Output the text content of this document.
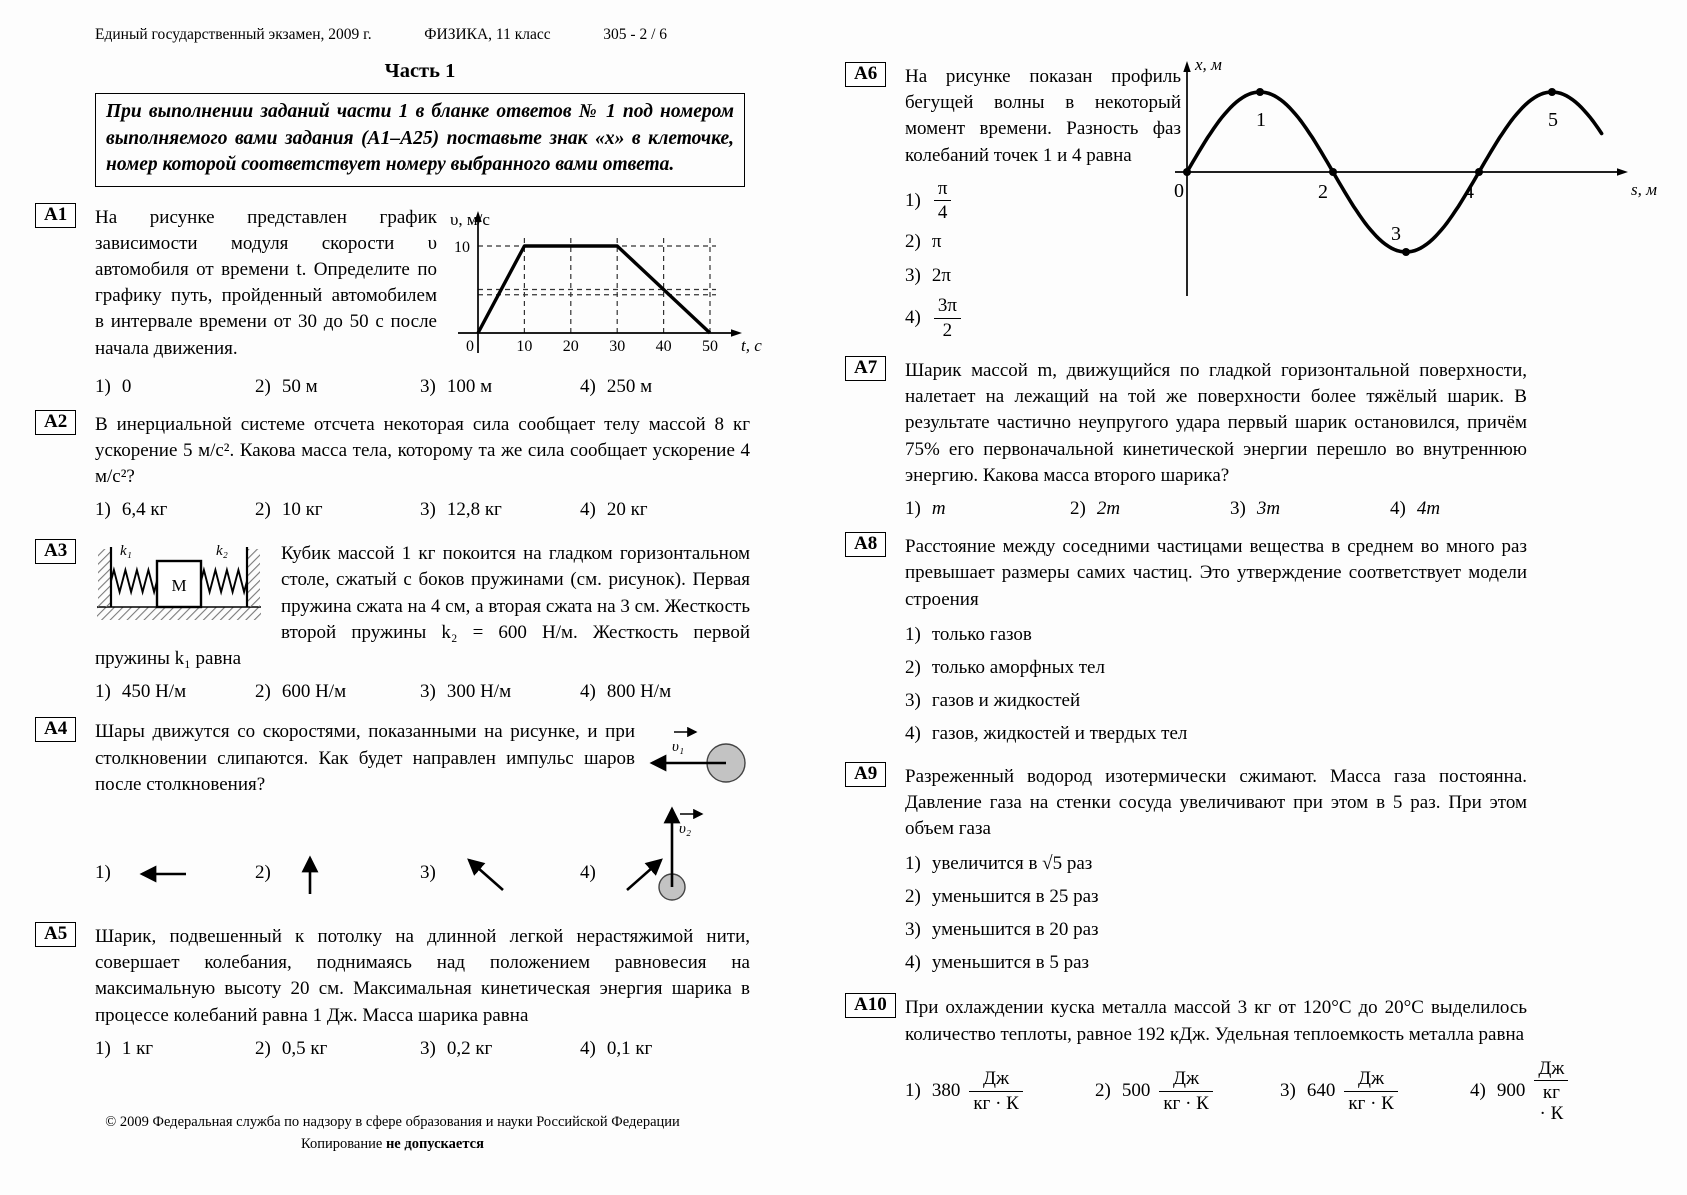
Единый государственный экзамен, 2009 г.	ФИЗИКА, 11 класс	305 - 2 / 6
Часть 1
При выполнении заданий части 1 в бланке ответов № 1 под номером выполняемого вами задания (А1–А25) поставьте знак «х» в клеточке, номер которой соответствует номеру выбранного вами ответа.
А1	На рисунке представлен график зависимости модуля скорости υ автомобиля от времени t. Определите по графику путь, пройденный автомобилем в интервале времени от 30 до 50 с после начала движения.

10
0	10 20 30 40 50
υ, м/с
t, с
1) 0	2) 50 м	3) 100 м	4) 250 м
А2	В инерциальной системе отсчета некоторая сила сообщает телу массой 8 кг ускорение 5 м/с². Какова масса тела, которому та же сила сообщает ускорение 4 м/с²?

1) 6,4 кг	2) 10 кг	3) 12,8 кг	4) 20 кг
А3
М
k₁	k₂	Кубик массой 1 кг покоится на гладком горизонтальном столе, сжатый с боков пружинами (см. рисунок). Первая пружина сжата на 4 см, а вторая сжата на 3 см. Жесткость второй пружины k₂ = 600 Н/м. Жесткость первой пружины k₁ равна

1) 450 Н/м	2) 600 Н/м	3) 300 Н/м	4) 800 Н/м
А4	Шары движутся со скоростями, показанными на рисунке, и при столкновении слипаются. Как будет направлен импульс шаров после столкновения?

υ₁
υ₂
1)	2)	3)	4)
А5	Шарик, подвешенный к потолку на длинной легкой нерастяжимой нити, совершает колебания, поднимаясь над положением равновесия на максимальную высоту 20 см. Максимальная кинетическая энергия шарика в процессе колебаний равна 1 Дж. Масса шарика равна

1) 1 кг	2) 0,5 кг	3) 0,2 кг	4) 0,1 кг
А6	На рисунке показан профиль бегущей волны в некоторый момент времени. Разность фаз колебаний точек 1 и 4 равна

0
1
2
3
4
5
x, м
s, м
$1) \frac{\pi}{4}$
2) π
3) 2π
$4) \frac{3\pi}{2}$
А7	Шарик массой m, движущийся по гладкой горизонтальной поверхности, налетает на лежащий на той же поверхности более тяжёлый шарик. В результате частично неупругого удара первый шарик остановился, причём 75% его первоначальной кинетической энергии перешло во внутреннюю энергию. Какова масса второго шарика?

1) m	2) 2m	3) 3m	4) 4m
А8	Расстояние между соседними частицами вещества в среднем во много раз превышает размеры самих частиц. Это утверждение соответствует модели строения

1) только газов
2) только аморфных тел
3) газов и жидкостей
4) газов, жидкостей и твердых тел
А9	Разреженный водород изотермически сжимают. Масса газа постоянна. Давление газа на стенки сосуда увеличивают при этом в 5 раз. При этом объем газа

1) увеличится в √5 раз
2) уменьшится в 25 раз
3) уменьшится в 20 раз
4) уменьшится в 5 раз
А10 При охлаждении куска металла массой 3 кг от 120°С до 20°С выделилось количество теплоты, равное 192 кДж. Удельная теплоемкость металла равна

1) $380 \frac{Дж}{кг \cdot К}$	2) $500 \frac{Дж}{кг \cdot К}$	3) $640 \frac{Дж}{кг \cdot К}$	4) $900 \frac{Дж}{кг \cdot К}$
© 2009 Федеральная служба по надзору в сфере образования и науки Российской Федерации
Копирование не допускается
